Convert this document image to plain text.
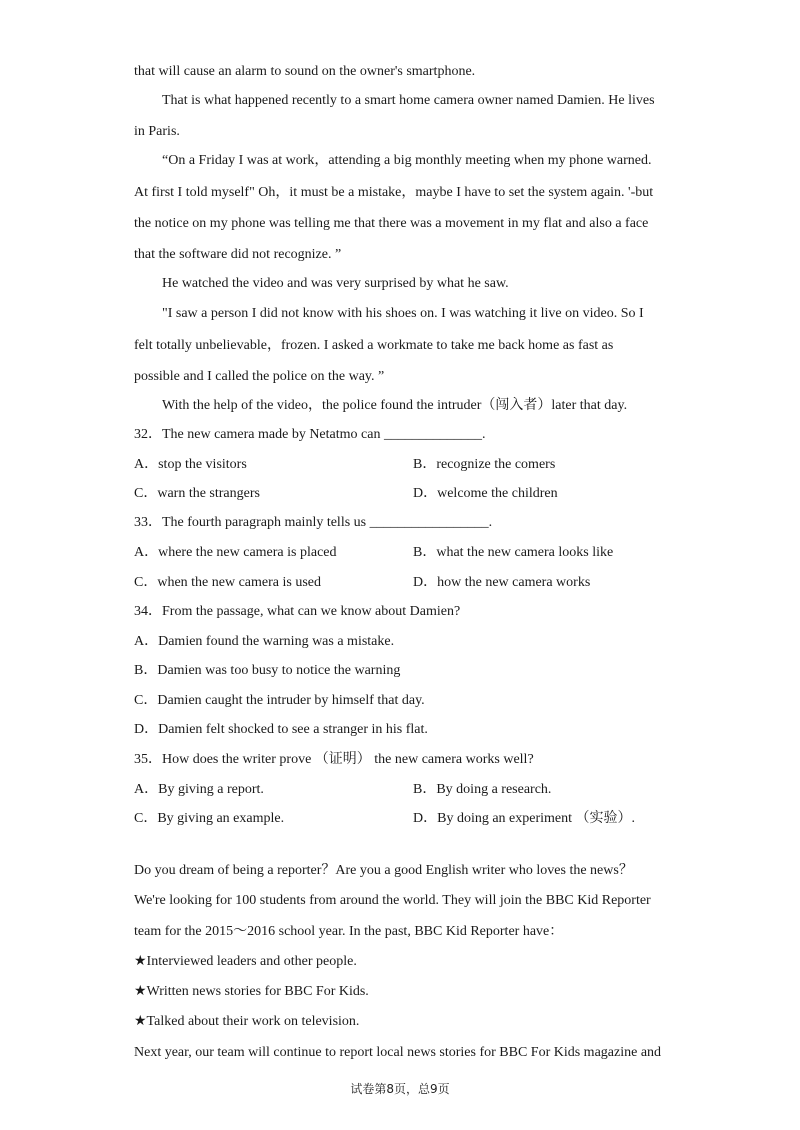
that will cause an alarm to sound on the owner's smartphone.
That is what happened recently to a smart home camera owner named Damien. He lives
in Paris.
“On a Friday I was at work，attending a big monthly meeting when my phone warned.
At first I told myself" Oh，it must be a mistake，maybe I have to set the system again. '-but
the notice on my phone was telling me that there was a movement in my flat and also a face
that the software did not recognize. ”
He watched the video and was very surprised by what he saw.
"I saw a person I did not know with his shoes on. I was watching it live on video. So I
felt totally unbelievable，frozen. I asked a workmate to take me back home as fast as
possible and I called the police on the way. ”
With the help of the video，the police found the intruder（闯入者）later that day.
32．The new camera made by Netatmo can ______________.
A．stop the visitors	B．recognize the comers
C．warn the strangers	D．welcome the children
33．The fourth paragraph mainly tells us _________________.
A．where the new camera is placed	B．what the new camera looks like
C．when the new camera is used	D．how the new camera works
34．From the passage, what can we know about Damien?
A．Damien found the warning was a mistake.
B．Damien was too busy to notice the warning
C．Damien caught the intruder by himself that day.
D．Damien felt shocked to see a stranger in his flat.
35．How does the writer prove （证明） the new camera works well?
A．By giving a report.	B．By doing a research.
C．By giving an example.	D．By doing an experiment （实验）.
Do you dream of being a reporter？Are you a good English writer who loves the news？
We're looking for 100 students from around the world. They will join the BBC Kid Reporter
team for the 2015～2016 school year. In the past, BBC Kid Reporter have：
★Interviewed leaders and other people.
★Written news stories for BBC For Kids.
★Talked about their work on television.
Next year, our team will continue to report local news stories for BBC For Kids magazine and
试卷第8页，总9页
